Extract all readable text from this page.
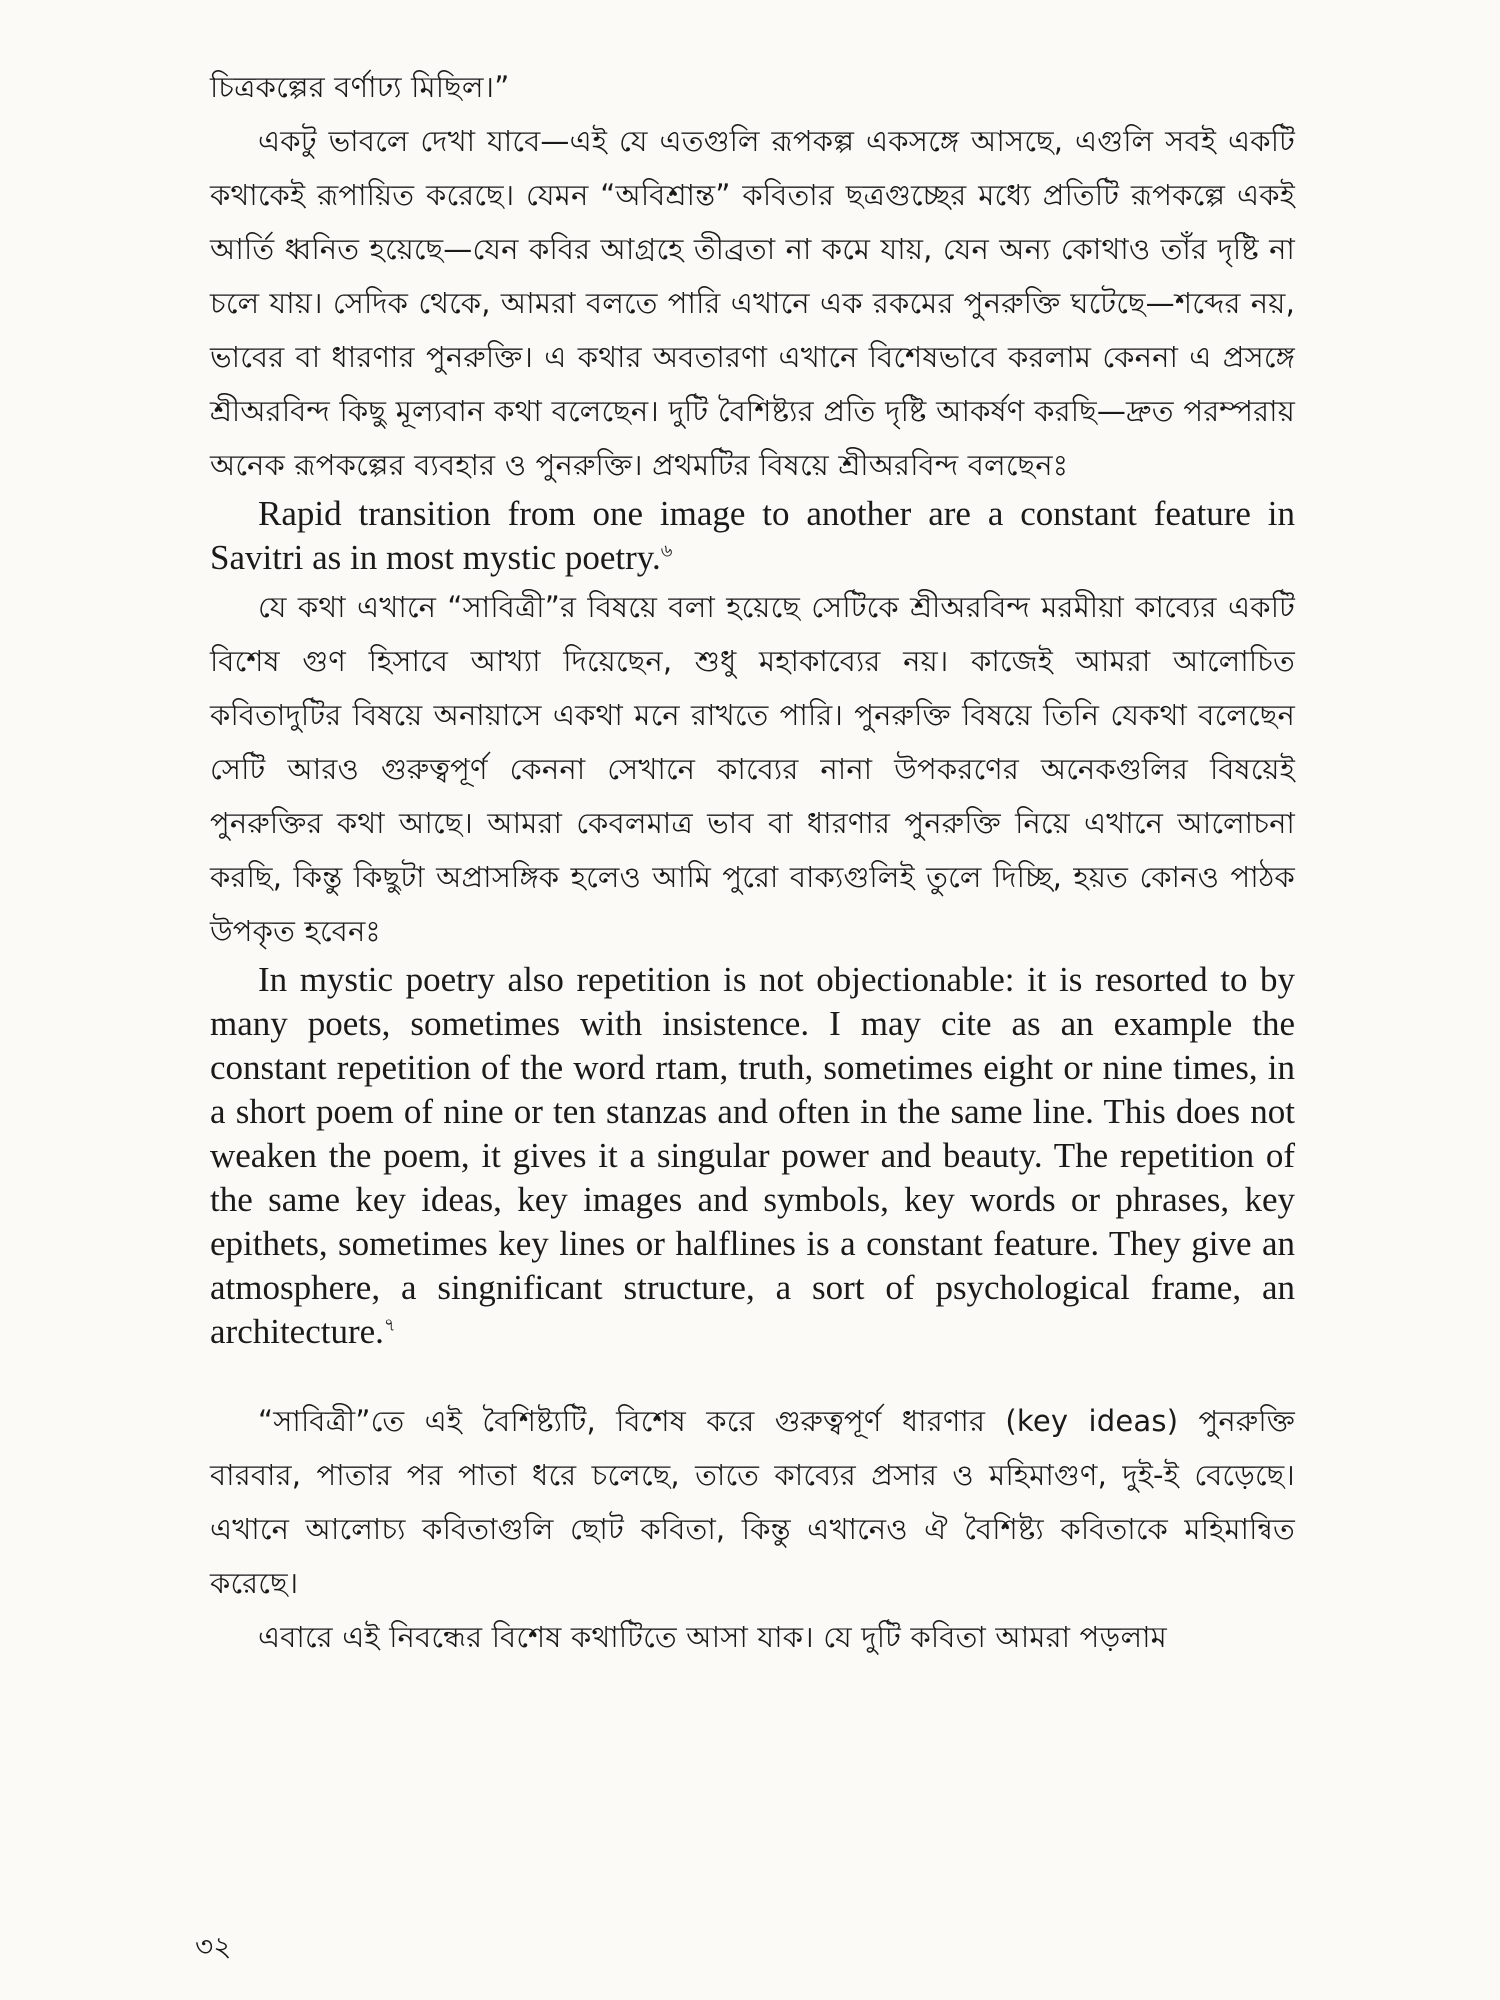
চিত্রকল্পের বর্ণাঢ্য মিছিল।”

একটু ভাবলে দেখা যাবে—এই যে এতগুলি রূপকল্প একসঙ্গে আসছে, এগুলি সবই একটি কথাকেই রূপায়িত করেছে। যেমন “অবিশ্রান্ত” কবিতার ছত্রগুচ্ছের মধ্যে প্রতিটি রূপকল্পে একই আর্তি ধ্বনিত হয়েছে—যেন কবির আগ্রহে তীব্রতা না কমে যায়, যেন অন্য কোথাও তাঁর দৃষ্টি না চলে যায়। সেদিক থেকে, আমরা বলতে পারি এখানে এক রকমের পুনরুক্তি ঘটেছে—শব্দের নয়, ভাবের বা ধারণার পুনরুক্তি। এ কথার অবতারণা এখানে বিশেষভাবে করলাম কেননা এ প্রসঙ্গে শ্রীঅরবিন্দ কিছু মূল্যবান কথা বলেছেন। দুটি বৈশিষ্ট্যর প্রতি দৃষ্টি আকর্ষণ করছি—দ্রুত পরম্পরায় অনেক রূপকল্পের ব্যবহার ও পুনরুক্তি। প্রথমটির বিষয়ে শ্রীঅরবিন্দ বলছেনঃ

Rapid transition from one image to another are a constant feature in Savitri as in most mystic poetry.$^৬$

যে কথা এখানে “সাবিত্রী”র বিষয়ে বলা হয়েছে সেটিকে শ্রীঅরবিন্দ মরমীয়া কাব্যের একটি বিশেষ গুণ হিসাবে আখ্যা দিয়েছেন, শুধু মহাকাব্যের নয়। কাজেই আমরা আলোচিত কবিতাদুটির বিষয়ে অনায়াসে একথা মনে রাখতে পারি। পুনরুক্তি বিষয়ে তিনি যেকথা বলেছেন সেটি আরও গুরুত্বপূর্ণ কেননা সেখানে কাব্যের নানা উপকরণের অনেকগুলির বিষয়েই পুনরুক্তির কথা আছে। আমরা কেবলমাত্র ভাব বা ধারণার পুনরুক্তি নিয়ে এখানে আলোচনা করছি, কিন্তু কিছুটা অপ্রাসঙ্গিক হলেও আমি পুরো বাক্যগুলিই তুলে দিচ্ছি, হয়ত কোনও পাঠক উপকৃত হবেনঃ

In mystic poetry also repetition is not objectionable: it is resorted to by many poets, sometimes with insistence. I may cite as an example the constant repetition of the word rtam, truth, sometimes eight or nine times, in a short poem of nine or ten stanzas and often in the same line. This does not weaken the poem, it gives it a singular power and beauty. The repetition of the same key ideas, key images and symbols, key words or phrases, key epithets, sometimes key lines or halflines is a constant feature. They give an atmosphere, a singnificant structure, a sort of psychological frame, an architecture.$^৭$

“সাবিত্রী”তে এই বৈশিষ্ট্যটি, বিশেষ করে গুরুত্বপূর্ণ ধারণার (key ideas) পুনরুক্তি বারবার, পাতার পর পাতা ধরে চলেছে, তাতে কাব্যের প্রসার ও মহিমাগুণ, দুই-ই বেড়েছে। এখানে আলোচ্য কবিতাগুলি ছোট কবিতা, কিন্তু এখানেও ঐ বৈশিষ্ট্য কবিতাকে মহিমান্বিত করেছে।

এবারে এই নিবন্ধের বিশেষ কথাটিতে আসা যাক। যে দুটি কবিতা আমরা পড়লাম

৩২
